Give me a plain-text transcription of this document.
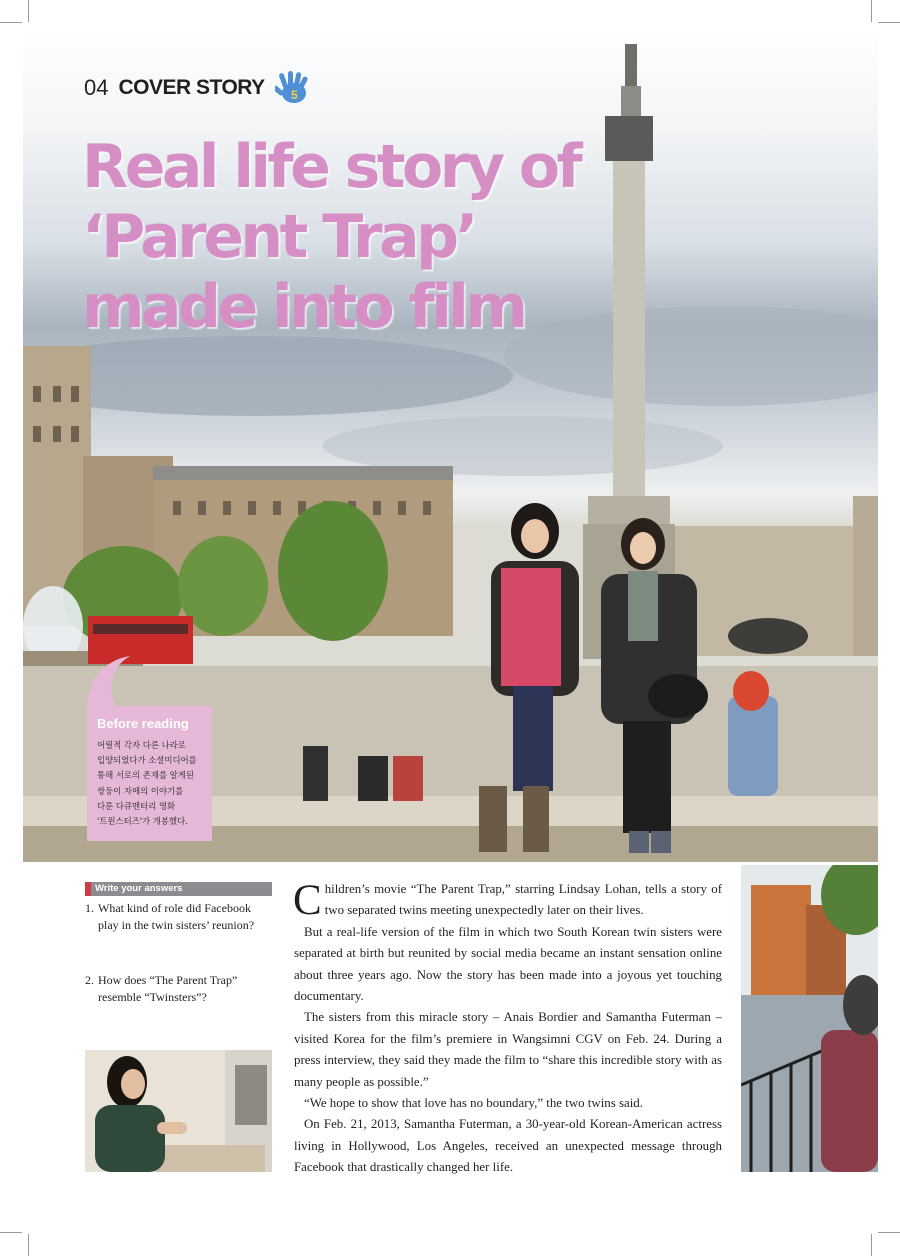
04 COVER STORY 5
Real life story of
‘Parent Trap’
made into film
Before reading
어릴적 각자 다른 나라로
입양되었다가 소셜미디어를
통해 서로의 존재를 알게된
쌍둥이 자매의 이야기를
다룬 다큐멘터리 영화
'트윈스터즈'가 개봉했다.
Write your answers
1. What kind of role did Facebook play in the twin sisters’ reunion?
2. How does “The Parent Trap” resemble “Twinsters”?

Children’s movie “The Parent Trap,” starring Lindsay Lohan, tells a story of two separated twins meeting unexpectedly later on their lives.

But a real-life version of the film in which two South Korean twin sisters were separated at birth but reunited by social media became an instant sensation online about three years ago. Now the story has been made into a joyous yet touching documentary.

The sisters from this miracle story – Anais Bordier and Samantha Futerman – visited Korea for the film’s premiere in Wangsimni CGV on Feb. 24. During a press interview, they said they made the film to “share this incredible story with as many people as possible.”

“We hope to show that love has no boundary,” the two twins said.

On Feb. 21, 2013, Samantha Futerman, a 30-year-old Korean-American actress living in Hollywood, Los Angeles, received an unexpected message through Facebook that drastically changed her life.
